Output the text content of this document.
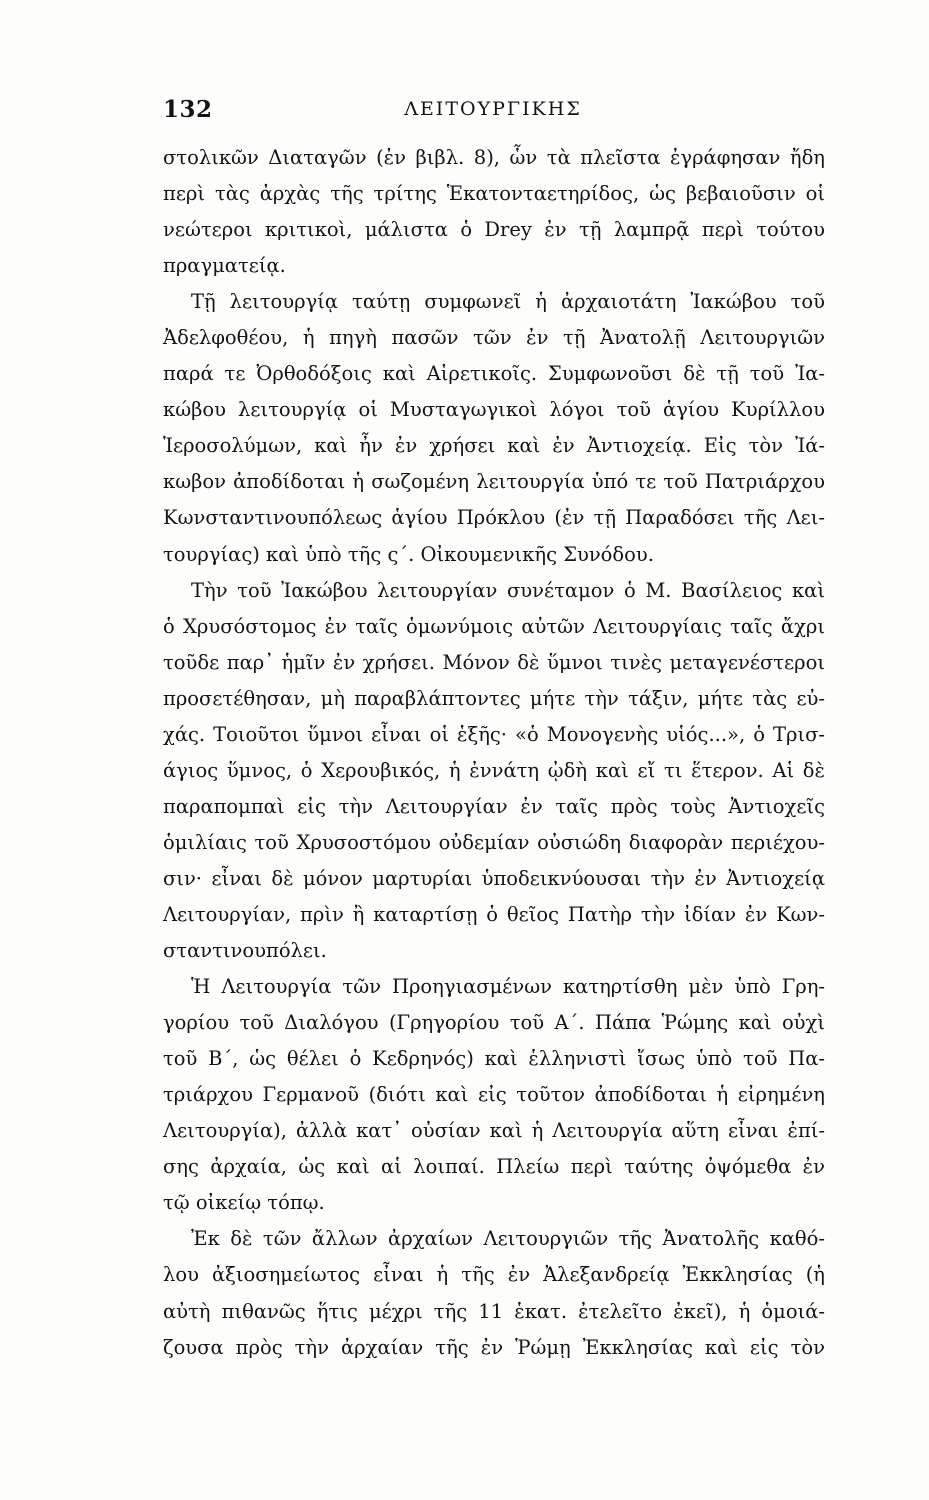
132	ΛΕΙΤΟΥΡΓΙΚΗΣ
στολικῶν Διαταγῶν (ἐν βιβλ. 8), ὧν τὰ πλεῖστα ἐγράφησαν ἤδη
περὶ τὰς ἀρχὰς τῆς τρίτης Ἑκατονταετηρίδος, ὡς βεβαιοῦσιν οἱ
νεώτεροι κριτικοὶ, μάλιστα ὁ Drey ἐν τῇ λαμπρᾷ περὶ τούτου
πραγματείᾳ.
Τῇ λειτουργίᾳ ταύτῃ συμφωνεῖ ἡ ἀρχαιοτάτη Ἰακώβου τοῦ
Ἀδελφοθέου, ἡ πηγὴ πασῶν τῶν ἐν τῇ Ἀνατολῇ Λειτουργιῶν
παρά τε Ὀρθοδόξοις καὶ Αἱρετικοῖς. Συμφωνοῦσι δὲ τῇ τοῦ Ἰα-
κώβου λειτουργίᾳ οἱ Μυσταγωγικοὶ λόγοι τοῦ ἁγίου Κυρίλλου
Ἱεροσολύμων, καὶ ἦν ἐν χρήσει καὶ ἐν Ἀντιοχείᾳ. Εἰς τὸν Ἰά-
κωβον ἀποδίδοται ἡ σωζομένη λειτουργία ὑπό τε τοῦ Πατριάρχου
Κωνσταντινουπόλεως ἁγίου Πρόκλου (ἐν τῇ Παραδόσει τῆς Λει-
τουργίας) καὶ ὑπὸ τῆς ς΄. Οἰκουμενικῆς Συνόδου.
Τὴν τοῦ Ἰακώβου λειτουργίαν συνέταμον ὁ Μ. Βασίλειος καὶ
ὁ Χρυσόστομος ἐν ταῖς ὁμωνύμοις αὐτῶν Λειτουργίαις ταῖς ἄχρι
τοῦδε παρ᾽ ἡμῖν ἐν χρήσει. Μόνον δὲ ὕμνοι τινὲς μεταγενέστεροι
προσετέθησαν, μὴ παραβλάπτοντες μήτε τὴν τάξιν, μήτε τὰς εὐ-
χάς. Τοιοῦτοι ὕμνοι εἶναι οἱ ἑξῆς· «ὁ Μονογενὴς υἱός...», ὁ Τρισ-
άγιος ὕμνος, ὁ Χερουβικός, ἡ ἐννάτη ᾠδὴ καὶ εἴ τι ἕτερον. Αἱ δὲ
παραπομπαὶ εἰς τὴν Λειτουργίαν ἐν ταῖς πρὸς τοὺς Ἀντιοχεῖς
ὁμιλίαις τοῦ Χρυσοστόμου οὐδεμίαν οὐσιώδη διαφορὰν περιέχου-
σιν· εἶναι δὲ μόνον μαρτυρίαι ὑποδεικνύουσαι τὴν ἐν Ἀντιοχείᾳ
Λειτουργίαν, πρὶν ἢ καταρτίσῃ ὁ θεῖος Πατὴρ τὴν ἰδίαν ἐν Κων-
σταντινουπόλει.
Ἡ Λειτουργία τῶν Προηγιασμένων κατηρτίσθη μὲν ὑπὸ Γρη-
γορίου τοῦ Διαλόγου (Γρηγορίου τοῦ Α΄. Πάπα Ῥώμης καὶ οὐχὶ
τοῦ Β΄, ὡς θέλει ὁ Κεδρηνός) καὶ ἑλληνιστὶ ἴσως ὑπὸ τοῦ Πα-
τριάρχου Γερμανοῦ (διότι καὶ εἰς τοῦτον ἀποδίδοται ἡ εἰρημένη
Λειτουργία), ἀλλὰ κατ᾽ οὐσίαν καὶ ἡ Λειτουργία αὕτη εἶναι ἐπί-
σης ἀρχαία, ὡς καὶ αἱ λοιπαί. Πλείω περὶ ταύτης ὀψόμεθα ἐν
τῷ οἰκείῳ τόπῳ.
Ἐκ δὲ τῶν ἄλλων ἀρχαίων Λειτουργιῶν τῆς Ἀνατολῆς καθό-
λου ἀξιοσημείωτος εἶναι ἡ τῆς ἐν Ἀλεξανδρείᾳ Ἐκκλησίας (ἡ
αὐτὴ πιθανῶς ἥτις μέχρι τῆς 11 ἑκατ. ἐτελεῖτο ἐκεῖ), ἡ ὁμοιά-
ζουσα πρὸς τὴν ἀρχαίαν τῆς ἐν Ῥώμῃ Ἐκκλησίας καὶ εἰς τὸν
